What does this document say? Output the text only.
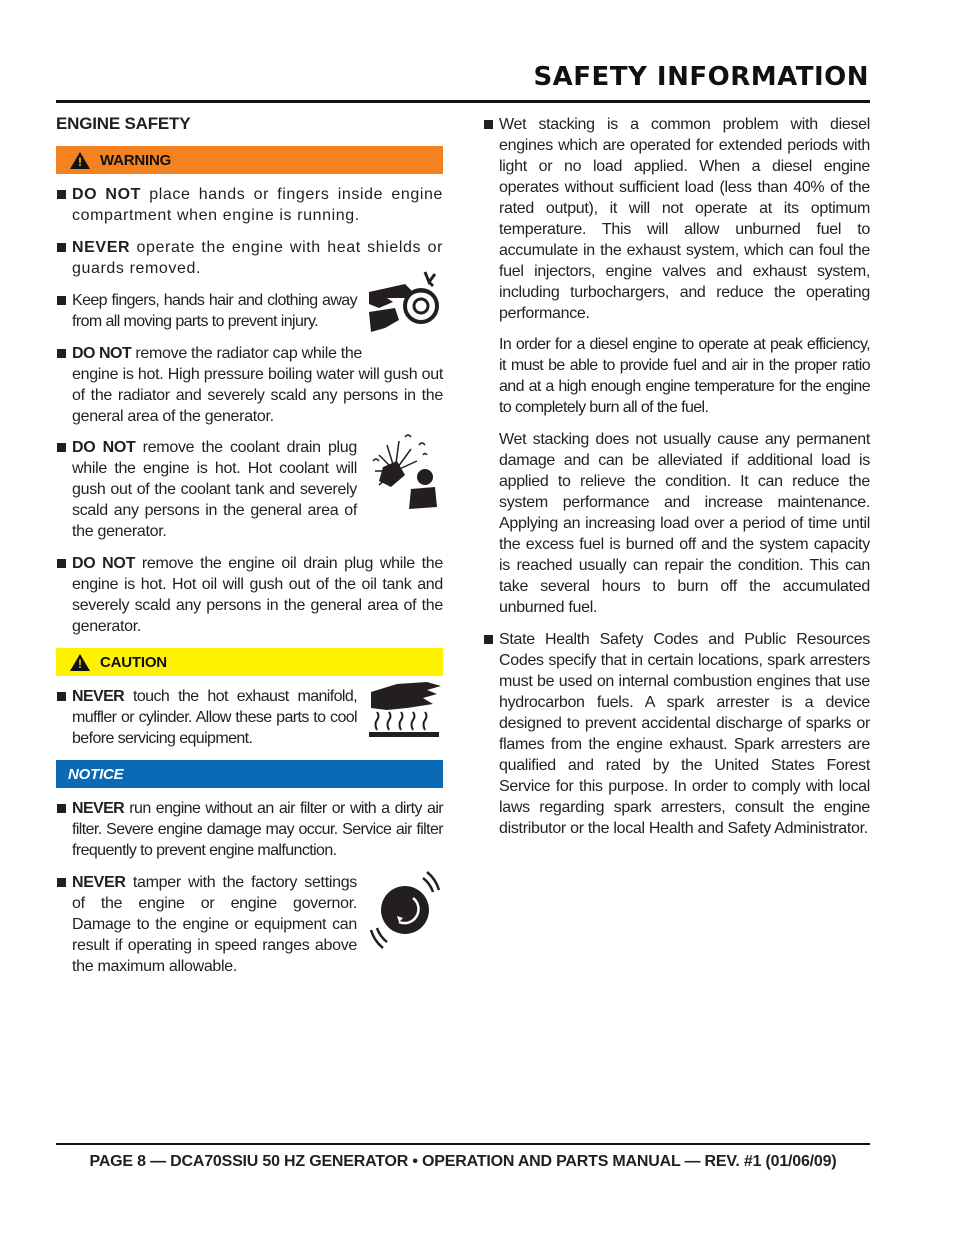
SAFETY INFORMATION
ENGINE SAFETY
!
WARNING
DO NOT place hands or fingers inside engine compartment when engine is running.
NEVER operate the engine with heat shields or guards removed.
Keep fingers, hands hair and clothing away from all moving parts to prevent injury.
DO NOT remove the radiator cap while the
engine is hot. High pressure boiling water will gush out of the radiator and severely scald any persons in the general area of the generator.
DO NOT remove the coolant drain plug while the engine is hot. Hot coolant will gush out of the coolant tank and severely scald any persons in the general area of the generator.
DO NOT remove the engine oil drain plug while the engine is hot. Hot oil will gush out of the oil tank and severely scald any persons in the general area of the generator.
!
CAUTION
NEVER touch the hot exhaust manifold, muffler or cylinder. Allow these parts to cool before servicing equipment.
NOTICE
NEVER run engine without an air filter or with a dirty air filter. Severe engine damage may occur. Service air filter frequently to prevent engine malfunction.
NEVER tamper with the factory settings of the engine or engine governor. Damage to the engine or equipment can result if operating in speed ranges above the maximum allowable.
Wet stacking is a common problem with diesel engines which are operated for extended periods with light or no load applied. When a diesel engine operates without sufficient load (less than 40% of the rated output), it will not operate at its optimum temperature. This will allow unburned fuel to accumulate in the exhaust system, which can foul the fuel injectors, engine valves and exhaust system, including turbochargers, and reduce the operating performance.
In order for a diesel engine to operate at peak efficiency, it must be able to provide fuel and air in the proper ratio and at a high enough engine temperature for the engine to completely burn all of the fuel.
Wet stacking does not usually cause any permanent damage and can be alleviated if additional load is applied to relieve the condition. It can reduce the system performance and increase maintenance. Applying an increasing load over a period of time until the excess fuel is burned off and the system capacity is reached usually can repair the condition. This can take several hours to burn off the accumulated unburned fuel.
State Health Safety Codes and Public Resources Codes specify that in certain locations, spark arresters must be used on internal combustion engines that use hydrocarbon fuels. A spark arrester is a device designed to prevent accidental discharge of sparks or flames from the engine exhaust. Spark arresters are qualified and rated by the United States Forest Service for this purpose. In order to comply with local laws regarding spark arresters, consult the engine distributor or the local Health and Safety Administrator.
PAGE 8 — DCA70SSIU 50 HZ GENERATOR • OPERATION AND PARTS MANUAL — REV. #1 (01/06/09)
